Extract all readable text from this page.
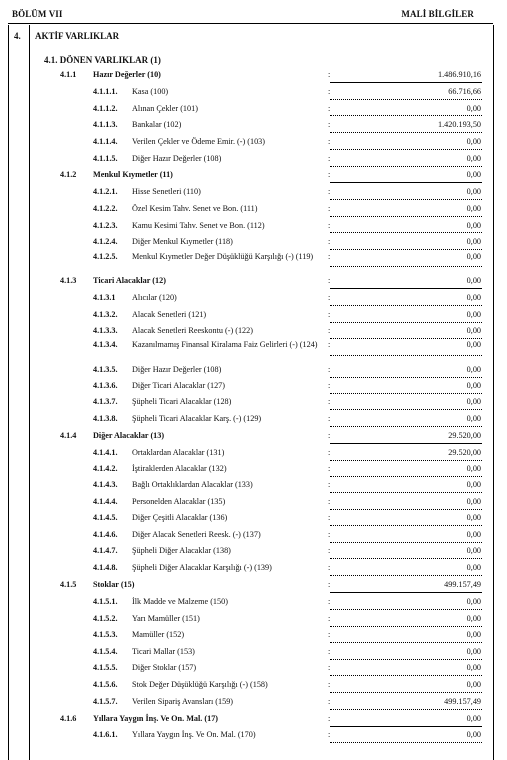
BÖLÜM VII	MALİ BİLGİLER
4. AKTİF VARLIKLAR
4.1. DÖNEN VARLIKLAR (1)
4.1.1 Hazır Değerler (10)	:	1.486.910,16
4.1.1.1. Kasa (100)	:	66.716,66
4.1.1.2. Alınan Çekler (101)	:	0,00
4.1.1.3. Bankalar (102)	:	1.420.193,50
4.1.1.4. Verilen Çekler ve Ödeme Emir. (-) (103)	:	0,00
4.1.1.5. Diğer Hazır Değerler (108)	:	0,00
4.1.2 Menkul Kıymetler (11)	:	0,00
4.1.2.1. Hisse Senetleri (110)	:	0,00
4.1.2.2. Özel Kesim Tahv. Senet ve Bon. (111)	:	0,00
4.1.2.3. Kamu Kesimi Tahv. Senet ve Bon. (112)	:	0,00
4.1.2.4. Diğer Menkul Kıymetler (118)	:	0,00
4.1.2.5. Menkul Kıymetler Değer Düşüklüğü Karşılığı (-) (119)	:	0,00
4.1.3 Ticari Alacaklar (12)	:	0,00
4.1.3.1 Alıcılar (120)	:	0,00
4.1.3.2. Alacak Senetleri (121)	:	0,00
4.1.3.3. Alacak Senetleri Reeskontu (-) (122)	:	0,00
4.1.3.4. Kazanılmamış Finansal Kiralama Faiz Gelirleri (-) (124)	:	0,00
4.1.3.5. Diğer Hazır Değerler (108)	:	0,00
4.1.3.6. Diğer Ticari Alacaklar (127)	:	0,00
4.1.3.7. Şüpheli Ticari Alacaklar (128)	:	0,00
4.1.3.8. Şüpheli Ticari Alacaklar Karş. (-) (129)	:	0,00
4.1.4 Diğer Alacaklar (13)	:	29.520,00
4.1.4.1. Ortaklardan Alacaklar (131)	:	29.520,00
4.1.4.2. İştiraklerden Alacaklar (132)	:	0,00
4.1.4.3. Bağlı Ortaklıklardan Alacaklar (133)	:	0,00
4.1.4.4. Personelden Alacaklar (135)	:	0,00
4.1.4.5. Diğer Çeşitli Alacaklar (136)	:	0,00
4.1.4.6. Diğer Alacak Senetleri Reesk. (-) (137)	:	0,00
4.1.4.7. Şüpheli Diğer Alacaklar (138)	:	0,00
4.1.4.8. Şüpheli Diğer Alacaklar Karşılığı (-) (139)	:	0,00
4.1.5 Stoklar (15)	:	499.157,49
4.1.5.1. İlk Madde ve Malzeme (150)	:	0,00
4.1.5.2. Yarı Mamüller (151)	:	0,00
4.1.5.3. Mamüller (152)	:	0,00
4.1.5.4. Ticari Mallar (153)	:	0,00
4.1.5.5. Diğer Stoklar (157)	:	0,00
4.1.5.6. Stok Değer Düşüklüğü Karşılığı (-) (158)	:	0,00
4.1.5.7. Verilen Sipariş Avansları (159)	:	499.157,49
4.1.6 Yıllara Yaygın İnş. Ve On. Mal. (17)	:	0,00
4.1.6.1. Yıllara Yaygın İnş. Ve On. Mal. (170)	:	0,00
